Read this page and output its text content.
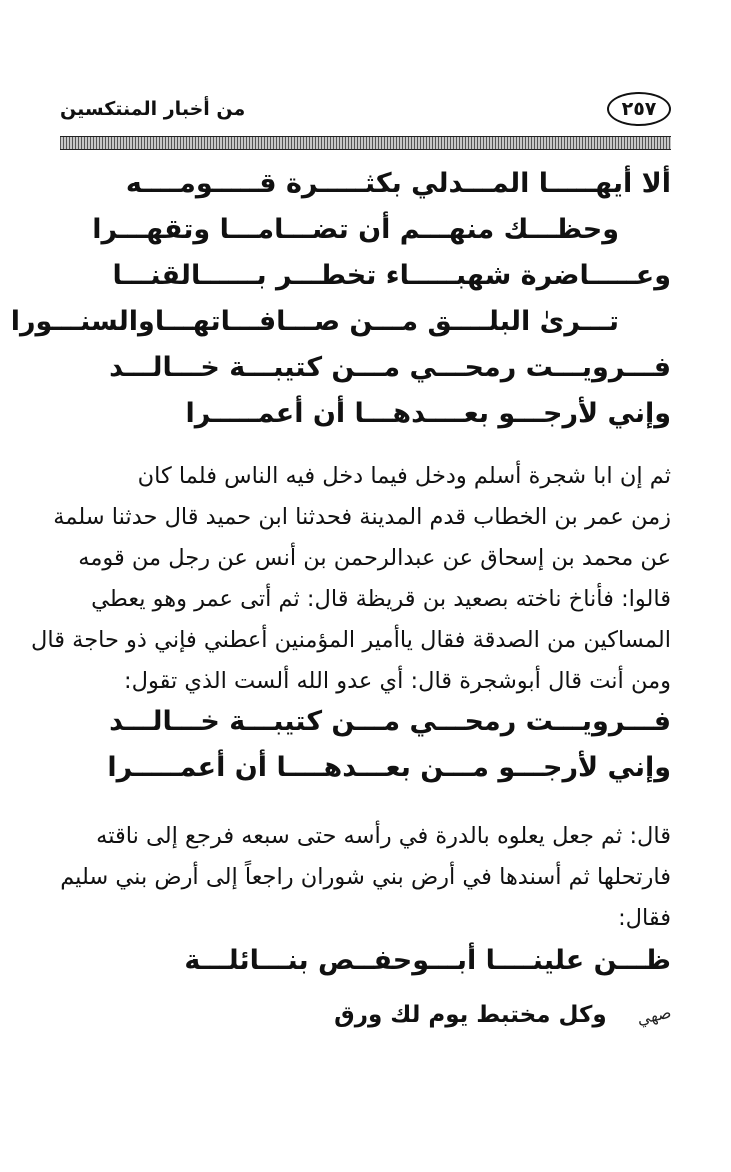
٢٥٧
من أخبار المنتكسين
ألا أيهـــــا المـــدلي بكثـــــرة قـــــومــــه
وحظـــك منهـــم أن تضـــامـــا وتقهـــرا
وعـــــاضرة شهبـــــاء تخطـــر بــــــالقنـــا
تـــرىٰ البلــــق مـــن صـــافـــاتهـــاوالسنـــورا
فـــرويـــت رمحـــي مـــن كتيبـــة خـــالـــد
وإني لأرجـــو بعــــدهـــا أن أعمـــــرا

ثم إن ابا شجرة أسلم ودخل فيما دخل فيه الناس فلما كان

زمن عمر بن الخطاب قدم المدينة فحدثنا ابن حميد قال حدثنا سلمة

عن محمد بن إسحاق عن عبدالرحمن بن أنس عن رجل من قومه

قالوا: فأناخ ناخته بصعيد بن قريظة قال: ثم أتى عمر وهو يعطي

المساكين من الصدقة فقال ياأمير المؤمنين أعطني فإني ذو حاجة قال

ومن أنت قال أبوشجرة قال: أي عدو الله ألست الذي تقول:

فـــرويـــت رمحـــي مـــن كتيبـــة خـــالـــد
وإني لأرجـــو مـــن بعـــدهــــا أن أعمـــــرا

قال: ثم جعل يعلوه بالدرة في رأسه حتى سبعه فرجع إلى ناقته

فارتحلها ثم أسندها في أرض بني شوران راجعاً إلى أرض بني سليم

فقال:

ظـــن علينــــا أبـــوحفــص بنـــائلـــة
صهي
وكل مختبط يوم لك ورق
